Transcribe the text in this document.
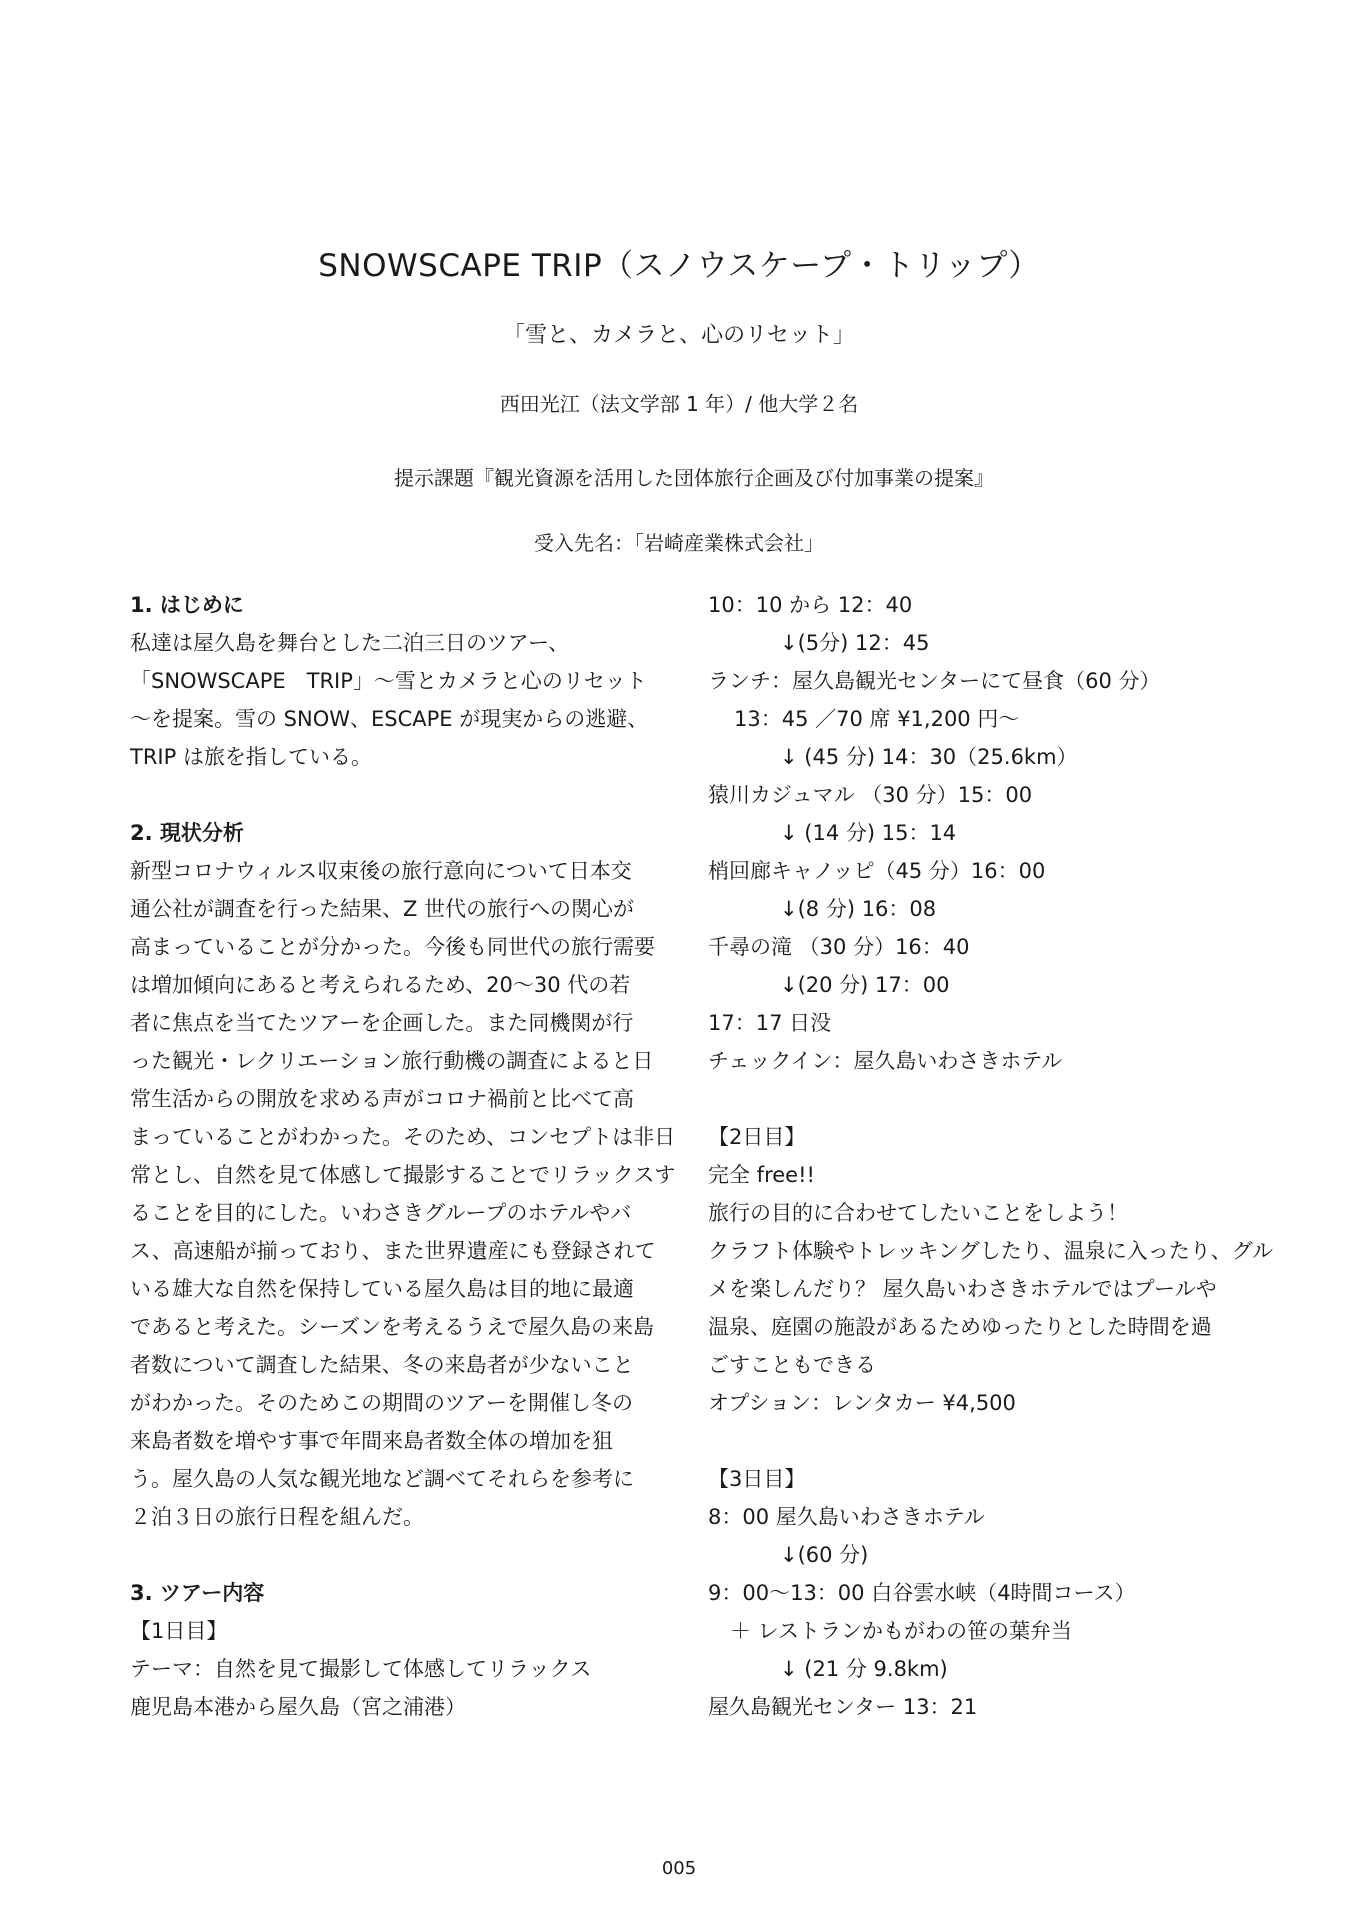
SNOWSCAPE TRIP（スノウスケープ・トリップ）

「雪と、カメラと、心のリセット」

西田光江（法文学部 1 年）/ 他大学２名

提示課題『観光資源を活用した団体旅行企画及び付加事業の提案』

受入先名：「岩崎産業株式会社」

1. はじめに
私達は屋久島を舞台とした二泊三日のツアー、
「SNOWSCAPE　TRIP」～雪とカメラと心のリセット
～を提案。雪の SNOW、ESCAPE が現実からの逃避、
TRIP は旅を指している。
2. 現状分析
新型コロナウィルス収束後の旅行意向について日本交
通公社が調査を行った結果、Z 世代の旅行への関心が
高まっていることが分かった。今後も同世代の旅行需要
は増加傾向にあると考えられるため、20～30 代の若
者に焦点を当てたツアーを企画した。また同機関が行
った観光・レクリエーション旅行動機の調査によると日
常生活からの開放を求める声がコロナ禍前と比べて高
まっていることがわかった。そのため、コンセプトは非日
常とし、自然を見て体感して撮影することでリラックスす
ることを目的にした。いわさきグループのホテルやバ
ス、高速船が揃っており、また世界遺産にも登録されて
いる雄大な自然を保持している屋久島は目的地に最適
であると考えた。シーズンを考えるうえで屋久島の来島
者数について調査した結果、冬の来島者が少ないこと
がわかった。そのためこの期間のツアーを開催し冬の
来島者数を増やす事で年間来島者数全体の増加を狙
う。屋久島の人気な観光地など調べてそれらを参考に
２泊３日の旅行日程を組んだ。
3. ツアー内容
【1日目】
テーマ：自然を見て撮影して体感してリラックス
鹿児島本港から屋久島（宮之浦港）
10：10 から 12：40
↓(5分) 12：45
ランチ：屋久島観光センターにて昼食（60 分）
13：45 ／70 席 ¥1,200 円～
↓ (45 分) 14：30（25.6km）
猿川カジュマル （30 分）15：00
↓ (14 分) 15：14
梢回廊キャノッピ（45 分）16：00
↓(8 分) 16：08
千尋の滝 （30 分）16：40
↓(20 分) 17：00
17：17 日没
チェックイン：屋久島いわさきホテル
【2日目】
完全 free!!
旅行の目的に合わせてしたいことをしよう！
クラフト体験やトレッキングしたり、温泉に入ったり、グル
メを楽しんだり？ 屋久島いわさきホテルではプールや
温泉、庭園の施設があるためゆったりとした時間を過
ごすこともできる
オプション：レンタカー ¥4,500
【3日目】
8：00 屋久島いわさきホテル
↓(60 分)
9：00～13：00 白谷雲水峡（4時間コース）
＋ レストランかもがわの笹の葉弁当
↓ (21 分 9.8km)
屋久島観光センター 13：21
005
